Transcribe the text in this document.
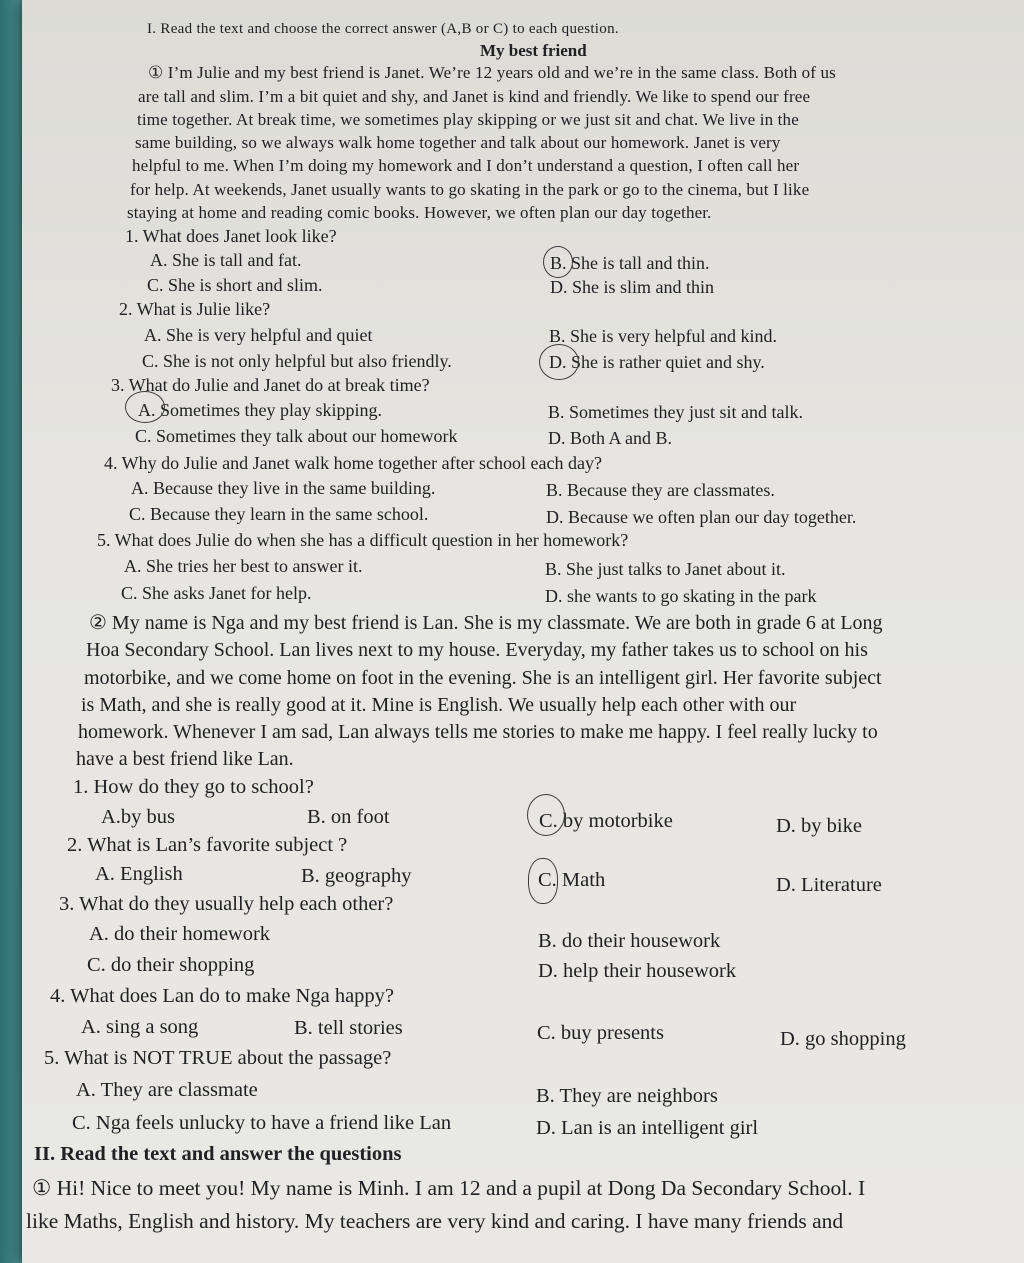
I. Read the text and choose the correct answer (A,B or C) to each question.
My best friend
① I’m Julie and my best friend is Janet. We’re 12 years old and we’re in the same class. Both of us
are tall and slim. I’m a bit quiet and shy, and Janet is kind and friendly. We like to spend our free
time together. At break time, we sometimes play skipping or we just sit and chat. We live in the
same building, so we always walk home together and talk about our homework. Janet is very
helpful to me. When I’m doing my homework and I don’t understand a question, I often call her
for help. At weekends, Janet usually wants to go skating in the park or go to the cinema, but I like
staying at home and reading comic books. However, we often plan our day together.
1. What does Janet look like?
A. She is tall and fat.	B. She is tall and thin.
C. She is short and slim.	D. She is slim and thin
2. What is Julie like?
A. She is very helpful and quiet	B. She is very helpful and kind.
C. She is not only helpful but also friendly.	D. She is rather quiet and shy.
3. What do Julie and Janet do at break time?
A. Sometimes they play skipping.	B. Sometimes they just sit and talk.
C. Sometimes they talk about our homework	D. Both A and B.
4. Why do Julie and Janet walk home together after school each day?
A. Because they live in the same building.	B. Because they are classmates.
C. Because they learn in the same school.	D. Because we often plan our day together.
5. What does Julie do when she has a difficult question in her homework?
A. She tries her best to answer it.	B. She just talks to Janet about it.
C. She asks Janet for help.	D. she wants to go skating in the park
② My name is Nga and my best friend is Lan. She is my classmate. We are both in grade 6 at Long
Hoa Secondary School. Lan lives next to my house. Everyday, my father takes us to school on his
motorbike, and we come home on foot in the evening. She is an intelligent girl. Her favorite subject
is Math, and she is really good at it. Mine is English. We usually help each other with our
homework. Whenever I am sad, Lan always tells me stories to make me happy. I feel really lucky to
have a best friend like Lan.
1. How do they go to school?
A.by bus	B. on foot	C. by motorbike	D. by bike
2. What is Lan’s favorite subject ?
A. English	B. geography	C. Math	D. Literature
3. What do they usually help each other?
A. do their homework	B. do their housework
C. do their shopping	D. help their housework
4. What does Lan do to make Nga happy?
A. sing a song	B. tell stories	C. buy presents	D. go shopping
5. What is NOT TRUE about the passage?
A. They are classmate	B. They are neighbors
C. Nga feels unlucky to have a friend like Lan	D. Lan is an intelligent girl
II. Read the text and answer the questions
① Hi! Nice to meet you! My name is Minh. I am 12 and a pupil at Dong Da Secondary School. I
like Maths, English and history. My teachers are very kind and caring. I have many friends and
